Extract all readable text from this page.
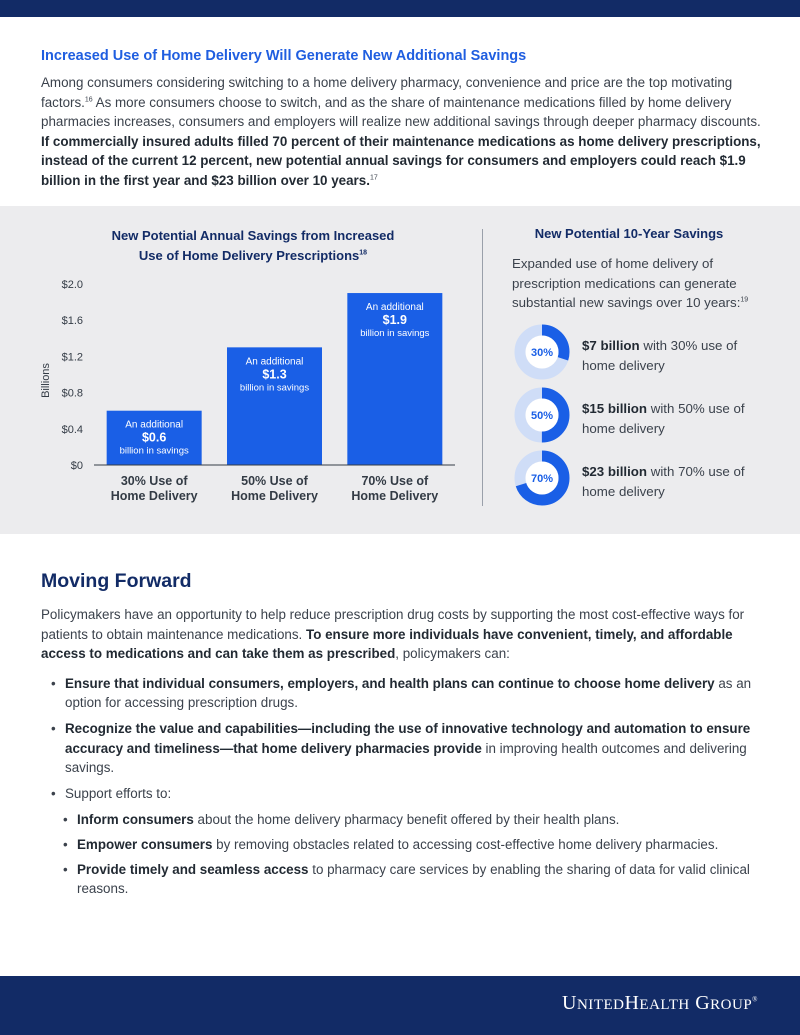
Increased Use of Home Delivery Will Generate New Additional Savings

Among consumers considering switching to a home delivery pharmacy, convenience and price are the top motivating factors.$^{16}$ As more consumers choose to switch, and as the share of maintenance medications filled by home delivery pharmacies increases, consumers and employers will realize new additional savings through deeper pharmacy discounts. If commercially insured adults filled 70 percent of their maintenance medications as home delivery prescriptions, instead of the current 12 percent, new potential annual savings for consumers and employers could reach $1.9 billion in the first year and $23 billion over 10 years.$^{17}$

New Potential Annual Savings from Increased
Use of Home Delivery Prescriptions$^{18}$
$0
$0.4
$0.8
$1.2
$1.6
$2.0
Billions
An additional
$0.6
billion in savings
30% Use of
Home Delivery
An additional
$1.3
billion in savings
50% Use of
Home Delivery
An additional
$1.9
billion in savings
70% Use of
Home Delivery
New Potential 10-Year Savings
Expanded use of home delivery of prescription medications can generate substantial new savings over 10 years:$^{19}$
30% $7 billion with 30% use of home delivery
50% $15 billion with 50% use of home delivery
70% $23 billion with 70% use of home delivery
Moving Forward

Policymakers have an opportunity to help reduce prescription drug costs by supporting the most cost-effective ways for patients to obtain maintenance medications. To ensure more individuals have convenient, timely, and affordable access to medications and can take them as prescribed, policymakers can:

• Ensure that individual consumers, employers, and health plans can continue to choose home delivery as an option for accessing prescription drugs.
• Recognize the value and capabilities—including the use of innovative technology and automation to ensure accuracy and timeliness—that home delivery pharmacies provide in improving health outcomes and delivering savings.
• Support efforts to:
• Inform consumers about the home delivery pharmacy benefit offered by their health plans.
• Empower consumers by removing obstacles related to accessing cost-effective home delivery pharmacies.
• Provide timely and seamless access to pharmacy care services by enabling the sharing of data for valid clinical reasons.
UNITEDHEALTH GROUP®
